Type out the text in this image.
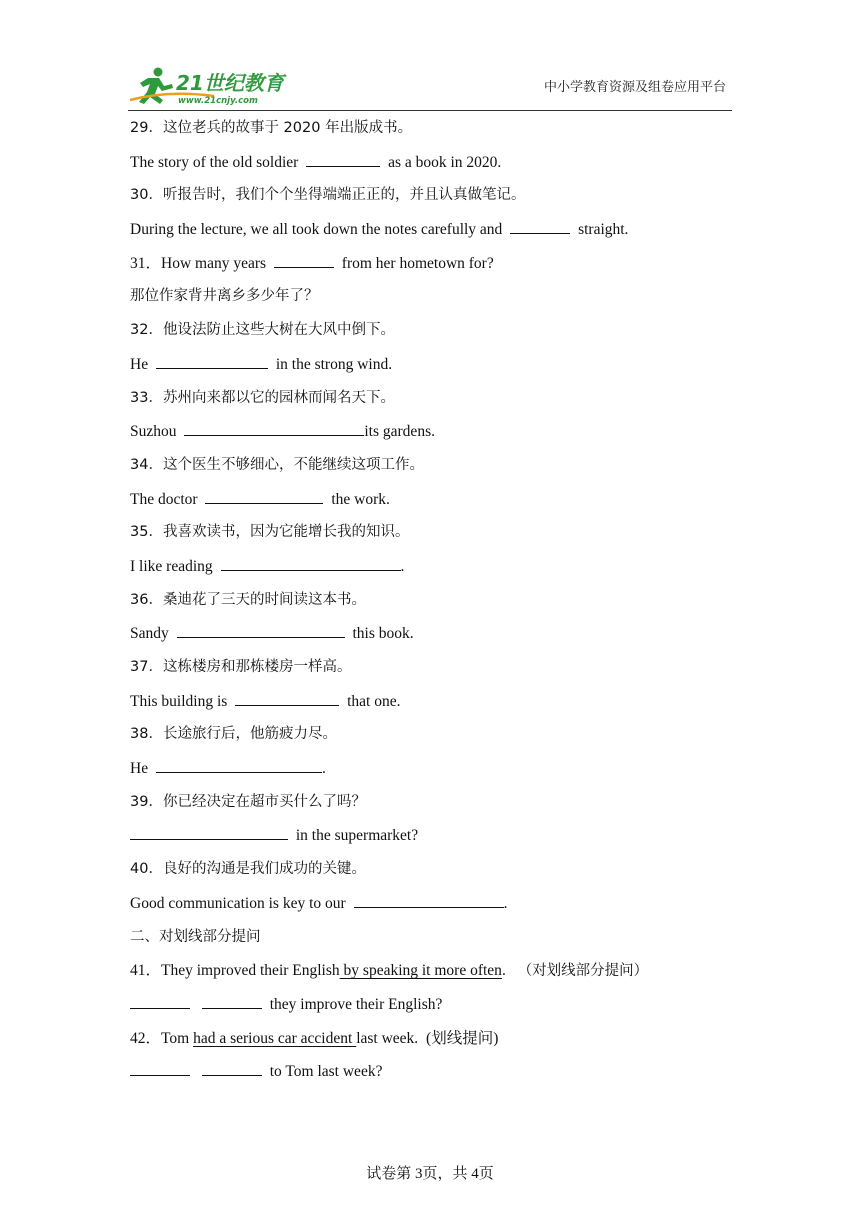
21世纪教育
www.21cnjy.com
中小学教育资源及组卷应用平台
29．这位老兵的故事于 2020 年出版成书。
The story of the old soldier	as a book in 2020.
30．听报告时，我们个个坐得端端正正的，并且认真做笔记。
During the lecture, we all took down the notes carefully and	straight.
31．How many years	from her hometown for?
那位作家背井离乡多少年了？
32．他设法防止这些大树在大风中倒下。
He	in the strong wind.
33．苏州向来都以它的园林而闻名天下。
Suzhou	its gardens.
34．这个医生不够细心，不能继续这项工作。
The doctor	the work.
35．我喜欢读书，因为它能增长我的知识。
I like reading	.
36．桑迪花了三天的时间读这本书。
Sandy	this book.
37．这栋楼房和那栋楼房一样高。
This building is	that one.
38．长途旅行后，他筋疲力尽。
He	.
39．你已经决定在超市买什么了吗？
in the supermarket?
40．良好的沟通是我们成功的关键。
Good communication is key to our	.
二、对划线部分提问
41．They improved their English by speaking it more often. （对划线部分提问）
they improve their English?
42．Tom had a serious car accident last week. (划线提问)
to Tom last week?
试卷第 3页，共 4页
